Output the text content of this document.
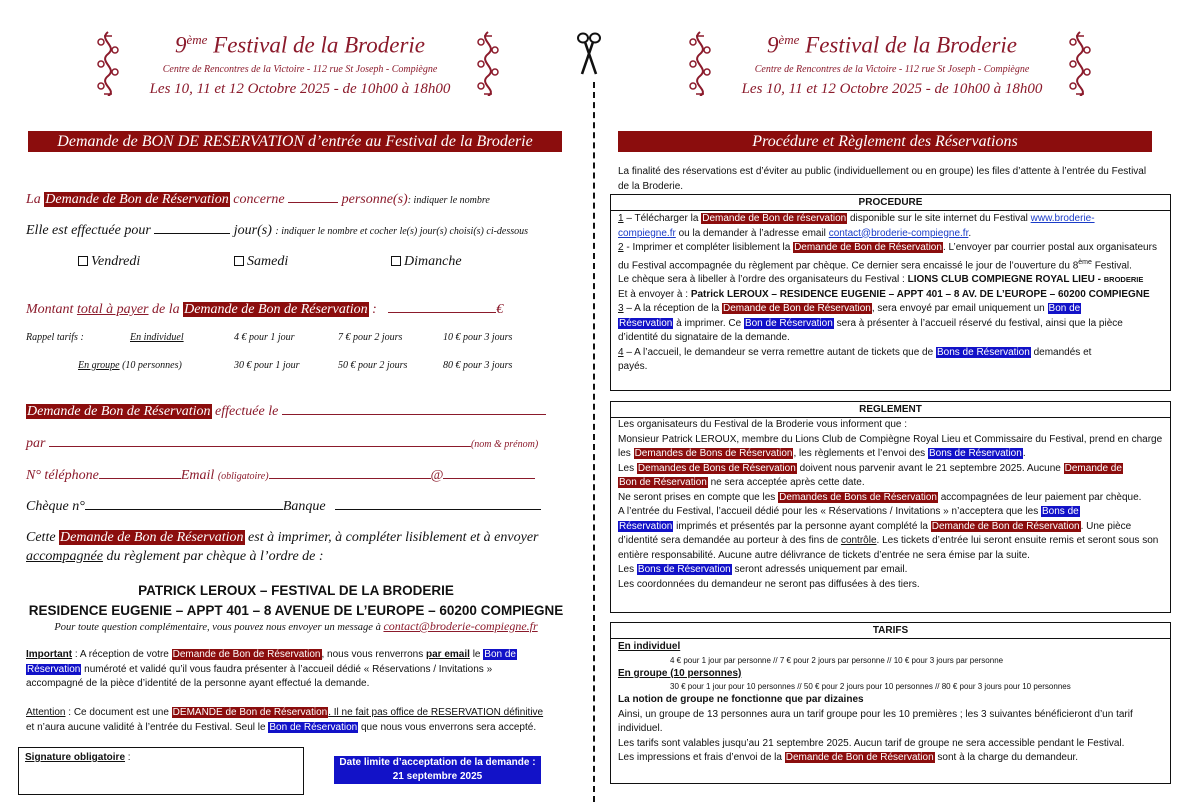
9ème Festival de la Broderie
Centre de Rencontres de la Victoire - 112 rue St Joseph - Compiègne
Les 10, 11 et 12 Octobre 2025 - de 10h00 à 18h00
9ème Festival de la Broderie
Centre de Rencontres de la Victoire - 112 rue St Joseph - Compiègne
Les 10, 11 et 12 Octobre 2025 - de 10h00 à 18h00
Demande de BON DE RESERVATION d’entrée au Festival de la Broderie
La Demande de Bon de Réservation concerne	personne(s): indiquer le nombre
Elle est effectuée pour	jour(s) : indiquer le nombre et cocher le(s) jour(s) choisi(s) ci-dessous
Vendredi	Samedi	Dimanche
Montant total à payer de la Demande de Bon de Réservation :	€
Rappel tarifs :	En individuel	4 € pour 1 jour	7 € pour 2 jours	10 € pour 3 jours
En groupe (10 personnes)	30 € pour 1 jour	50 € pour 2 jours	80 € pour 3 jours
Demande de Bon de Réservation effectuée le
par	(nom & prénom)
N° téléphone	Email (obligatoire)	@
Chèque n°	Banque
Cette Demande de Bon de Réservation est à imprimer, à compléter lisiblement et à envoyer
accompagnée du règlement par chèque à l’ordre de :
PATRICK LEROUX – FESTIVAL DE LA BRODERIE
RESIDENCE EUGENIE – APPT 401 – 8 AVENUE DE L’EUROPE – 60200 COMPIEGNE
Pour toute question complémentaire, vous pouvez nous envoyer un message à contact@broderie-compiegne.fr
Important : A réception de votre Demande de Bon de Réservation, nous vous renverrons par email le Bon de
Réservation numéroté et validé qu’il vous faudra présenter à l’accueil dédié « Réservations / Invitations »
accompagné de la pièce d’identité de la personne ayant effectué la demande.
Attention : Ce document est une DEMANDE de Bon de Réservation. Il ne fait pas office de RESERVATION définitive
et n’aura aucune validité à l’entrée du Festival. Seul le Bon de Réservation que nous vous enverrons sera accepté.
Signature obligatoire :	Date limite d’acceptation de la demande :
21 septembre 2025
Procédure et Règlement des Réservations
La finalité des réservations est d’éviter au public (individuellement ou en groupe) les files d’attente à l’entrée du Festival de la Broderie.
PROCEDURE

1 – Télécharger la Demande de Bon de réservation disponible sur le site internet du Festival www.broderie-
compiegne.fr ou la demander à l’adresse email contact@broderie-compiegne.fr.

2 - Imprimer et compléter lisiblement la Demande de Bon de Réservation. L’envoyer par courrier postal aux organisateurs du Festival accompagnée du règlement par chèque. Ce dernier sera encaissé le jour de l’ouverture du 8ème Festival.

Le chèque sera à libeller à l’ordre des organisateurs du Festival : LIONS CLUB COMPIEGNE ROYAL LIEU - BRODERIE

Et à envoyer à : Patrick LEROUX – RESIDENCE EUGENIE – APPT 401 – 8 AV. DE L’EUROPE – 60200 COMPIEGNE

3 – A la réception de la Demande de Bon de Réservation, sera envoyé par email uniquement un Bon de
Réservation à imprimer. Ce Bon de Réservation sera à présenter à l’accueil réservé du festival, ainsi que la pièce d’identité du signataire de la demande.

4 – A l’accueil, le demandeur se verra remettre autant de tickets que de Bons de Réservation demandés et
payés.

REGLEMENT

Les organisateurs du Festival de la Broderie vous informent que :

Monsieur Patrick LEROUX, membre du Lions Club de Compiègne Royal Lieu et Commissaire du Festival, prend en charge les Demandes de Bons de Réservation, les règlements et l’envoi des Bons de Réservation.

Les Demandes de Bons de Réservation doivent nous parvenir avant le 21 septembre 2025. Aucune Demande de
Bon de Réservation ne sera acceptée après cette date.

Ne seront prises en compte que les Demandes de Bons de Réservation accompagnées de leur paiement par chèque.

A l’entrée du Festival, l’accueil dédié pour les « Réservations / Invitations » n’acceptera que les Bons de
Réservation imprimés et présentés par la personne ayant complété la Demande de Bon de Réservation. Une pièce d’identité sera demandée au porteur à des fins de contrôle. Les tickets d’entrée lui seront ensuite remis et seront sous son entière responsabilité. Aucune autre délivrance de tickets d’entrée ne sera émise par la suite.

Les Bons de Réservation seront adressés uniquement par email.

Les coordonnées du demandeur ne seront pas diffusées à des tiers.

TARIFS

En individuel

4 € pour 1 jour par personne // 7 € pour 2 jours par personne // 10 € pour 3 jours par personne

En groupe (10 personnes)

30 € pour 1 jour pour 10 personnes // 50 € pour 2 jours pour 10 personnes // 80 € pour 3 jours pour 10 personnes

La notion de groupe ne fonctionne que par dizaines

Ainsi, un groupe de 13 personnes aura un tarif groupe pour les 10 premières ; les 3 suivantes bénéficieront d’un tarif individuel.

Les tarifs sont valables jusqu’au 21 septembre 2025. Aucun tarif de groupe ne sera accessible pendant le Festival.

Les impressions et frais d’envoi de la Demande de Bon de Réservation sont à la charge du demandeur.
